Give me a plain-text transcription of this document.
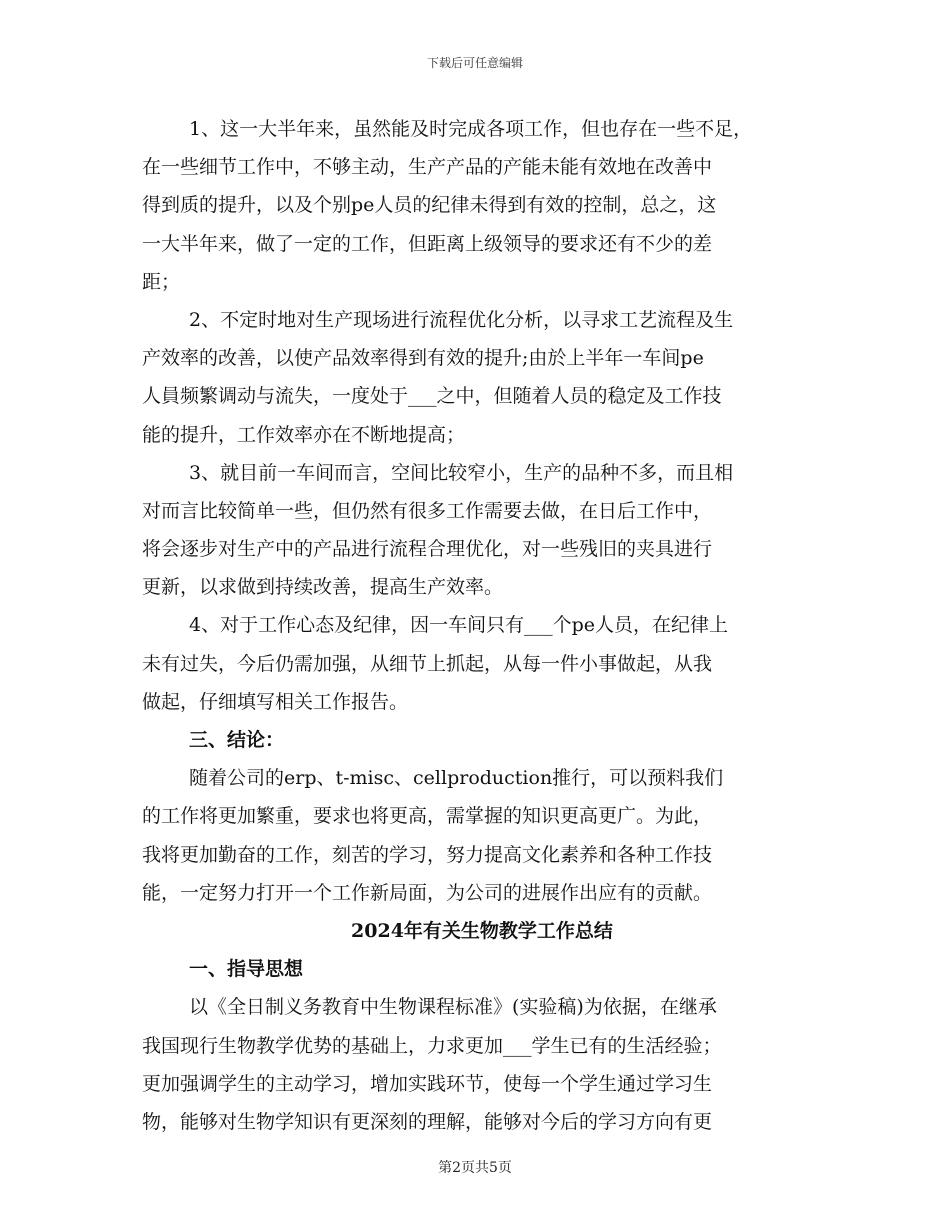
下载后可任意编辑
1、这一大半年来，虽然能及时完成各项工作，但也存在一些不足，
在一些细节工作中，不够主动，生产产品的产能未能有效地在改善中
得到质的提升，以及个别pe人员的纪律未得到有效的控制，总之，这
一大半年来，做了一定的工作，但距离上级领导的要求还有不少的差
距；
2、不定时地对生产现场进行流程优化分析，以寻求工艺流程及生
产效率的改善，以使产品效率得到有效的提升;由於上半年一车间pe
人員频繁调动与流失，一度处于___之中，但随着人员的稳定及工作技
能的提升，工作效率亦在不断地提高；
3、就目前一车间而言，空间比较窄小，生产的品种不多，而且相
对而言比较简单一些，但仍然有很多工作需要去做，在日后工作中，
将会逐步对生产中的产品进行流程合理优化，对一些残旧的夹具进行
更新，以求做到持续改善，提高生产效率。
4、对于工作心态及纪律，因一车间只有___个pe人员，在纪律上
未有过失，今后仍需加强，从细节上抓起，从每一件小事做起，从我
做起，仔细填写相关工作报告。
三、结论：
随着公司的erp、t-misc、cellproduction推行，可以预料我们
的工作将更加繁重，要求也将更高，需掌握的知识更高更广。为此，
我将更加勤奋的工作，刻苦的学习，努力提高文化素养和各种工作技
能，一定努力打开一个工作新局面，为公司的进展作出应有的贡献。
2024年有关生物教学工作总结
一、指导思想
以《全日制义务教育中生物课程标准》(实验稿)为依据，在继承
我国现行生物教学优势的基础上，力求更加___学生已有的生活经验；
更加强调学生的主动学习，增加实践环节，使每一个学生通过学习生
物，能够对生物学知识有更深刻的理解，能够对今后的学习方向有更
第2页共5页
